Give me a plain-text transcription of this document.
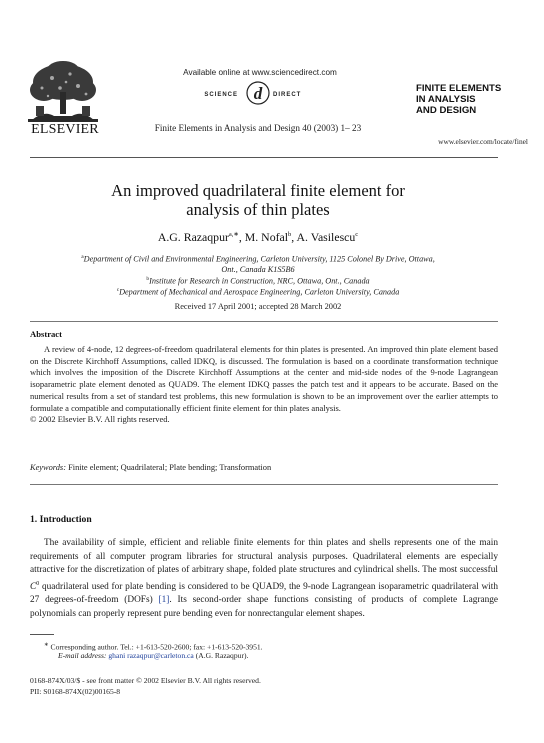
ELSEVIER
Available online at www.sciencedirect.com
SCIENCE d DIRECT
Finite Elements in Analysis and Design 40 (2003) 1– 23
FINITE ELEMENTS
IN ANALYSIS
AND DESIGN
www.elsevier.com/locate/finel
An improved quadrilateral finite element for
analysis of thin plates
A.G. Razaqpur$^{a,∗}$, M. Nofal$^b$, A. Vasilescu$^c$
$^a$Department of Civil and Environmental Engineering, Carleton University, 1125 Colonel By Drive, Ottawa,
Ont., Canada K1S5B6
$^b$Institute for Research in Construction, NRC, Ottawa, Ont., Canada
$^c$Department of Mechanical and Aerospace Engineering, Carleton University, Canada
Received 17 April 2001; accepted 28 March 2002
Abstract
A review of 4-node, 12 degrees-of-freedom quadrilateral elements for thin plates is presented. An improved thin plate element based on the Discrete Kirchhoff Assumptions, called IDKQ, is discussed. The formulation is based on a coordinate transformation technique which involves the imposition of the Discrete Kirchhoff Assumptions at the center and mid-side nodes of the 9-node Lagrangean isoparametric plate element denoted as QUAD9. The element IDKQ passes the patch test and it appears to be accurate. Based on the numerical results from a set of standard test problems, this new formulation is shown to be an improvement over the earlier attempts to formulate a compatible and computationally efficient finite element for thin plates analysis.
© 2002 Elsevier B.V. All rights reserved.
Keywords: Finite element; Quadrilateral; Plate bending; Transformation
1. Introduction
The availability of simple, efficient and reliable finite elements for thin plates and shells represents one of the main requirements of all computer program libraries for structural analysis purposes. Quadrilateral elements are especially attractive for the discretization of plates of arbitrary shape, folded plate structures and cylindrical shells. The most successful $C^0$ quadrilateral used for plate bending is considered to be QUAD9, the 9-node Lagrangean isoparametric quadrilateral with 27 degrees-of-freedom (DOFs) [1]. Its second-order shape functions consisting of products of complete Lagrange polynomials can properly represent pure bending even for nonrectangular element shapes.
∗ Corresponding author. Tel.: +1-613-520-2600; fax: +1-613-520-3951.
E-mail address: ghani razaqpur@carleton.ca (A.G. Razaqpur).
0168-874X/03/$ - see front matter © 2002 Elsevier B.V. All rights reserved.
PII: S0168-874X(02)00165-8
